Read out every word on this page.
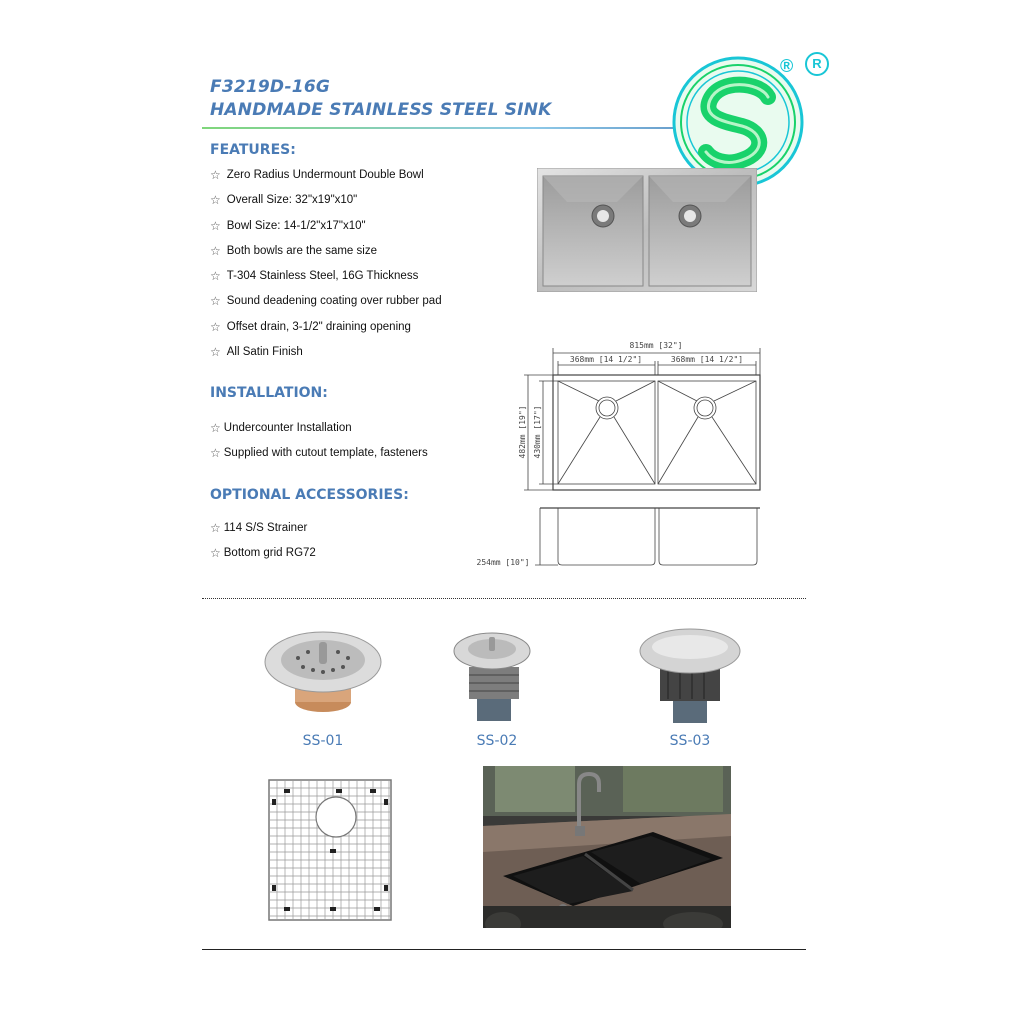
F3219D-16G
HANDMADE STAINLESS STEEL SINK
®	R
FEATURES:
☆ Zero Radius Undermount Double Bowl
☆ Overall Size: 32"x19"x10"
☆ Bowl Size: 14-1/2"x17"x10"
☆ Both bowls are the same size
☆ T-304 Stainless Steel, 16G Thickness
☆ Sound deadening coating over rubber pad
☆ Offset drain, 3-1/2" draining opening
☆ All Satin Finish
INSTALLATION:
☆ Undercounter Installation
☆ Supplied with cutout template, fasteners
OPTIONAL ACCESSORIES:
☆ 114 S/S Strainer
☆ Bottom grid RG72
815mm [32"]
368mm [14 1/2"]	368mm [14 1/2"]
482mm [19"] 430mm [17"]
254mm [10"]
SS-01	SS-02	SS-03
